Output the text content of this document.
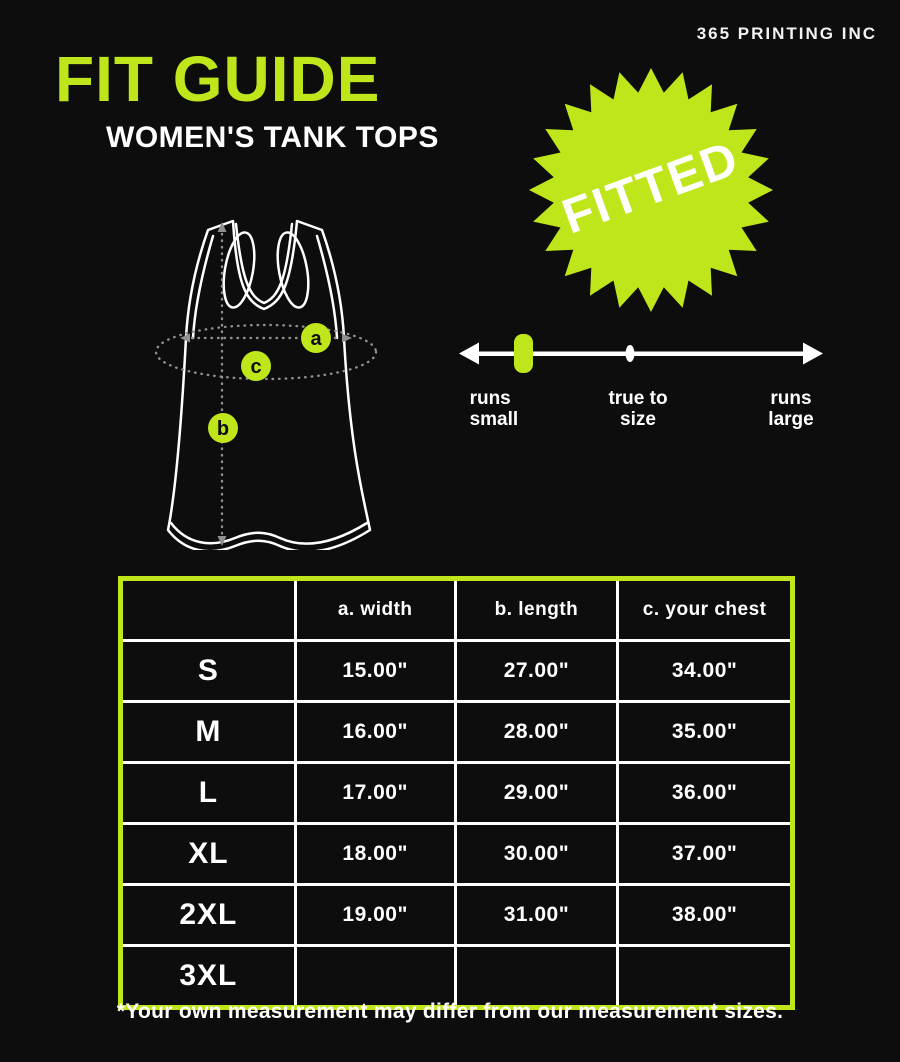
365 PRINTING INC
FIT GUIDE
WOMEN'S TANK TOPS FITTED
a
c
b
runs
small
true to
size
runs
large
	a. width	b. length	c. your chest
S	15.00"	27.00"	34.00"
M	16.00"	28.00"	35.00"
L	17.00"	29.00"	36.00"
XL	18.00"	30.00"	37.00"
2XL	19.00"	31.00"	38.00"
3XL			
*Your own measurement may differ from our measurement sizes.
